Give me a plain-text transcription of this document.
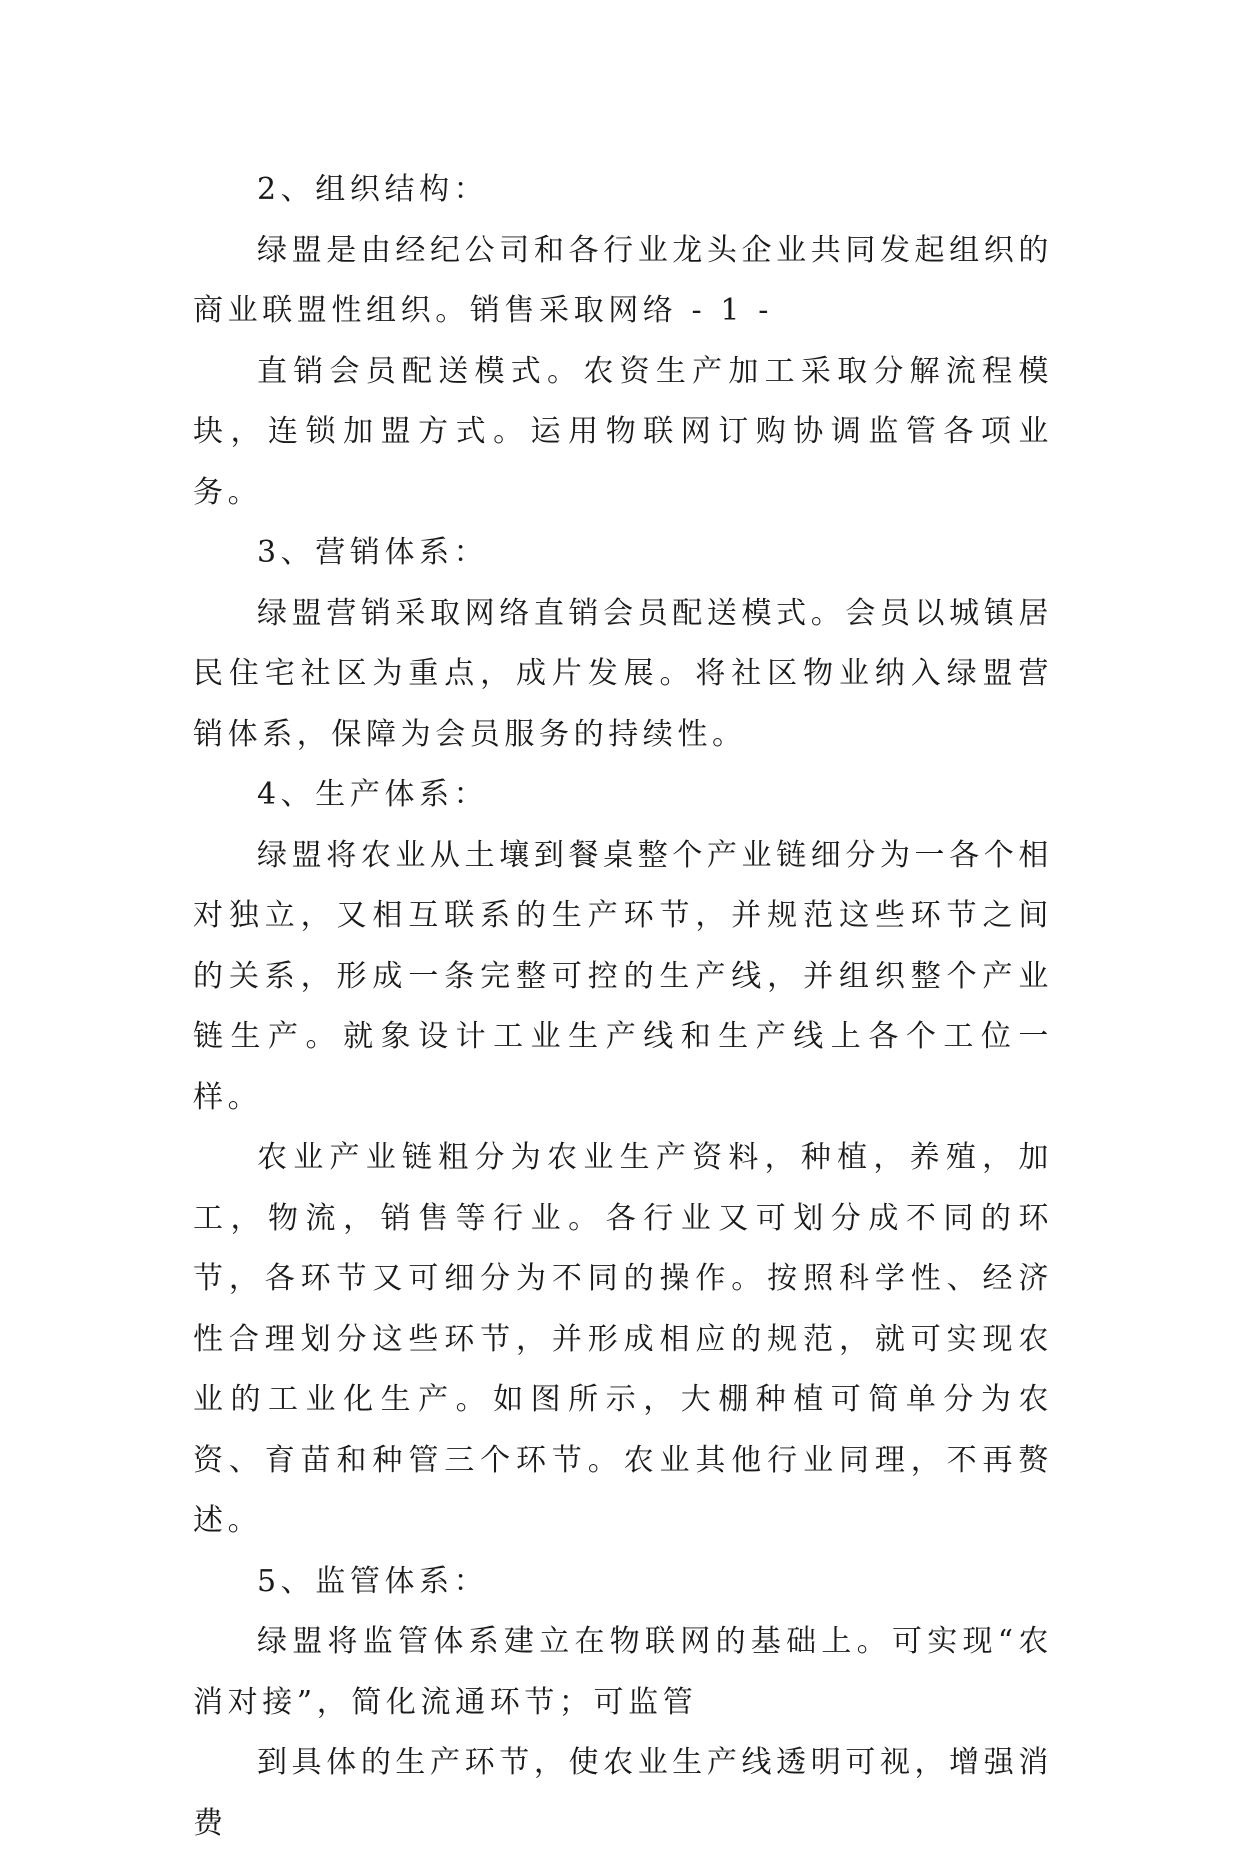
2、组织结构：

绿盟是由经纪公司和各行业龙头企业共同发起组织的商业联盟性组织。销售采取网络 - 1 -

直销会员配送模式。农资生产加工采取分解流程模块，连锁加盟方式。运用物联网订购协调监管各项业务。

3、营销体系：

绿盟营销采取网络直销会员配送模式。会员以城镇居民住宅社区为重点，成片发展。将社区物业纳入绿盟营销体系，保障为会员服务的持续性。

4、生产体系：

绿盟将农业从土壤到餐桌整个产业链细分为一各个相对独立，又相互联系的生产环节，并规范这些环节之间的关系，形成一条完整可控的生产线，并组织整个产业链生产。就象设计工业生产线和生产线上各个工位一样。

农业产业链粗分为农业生产资料，种植，养殖，加工，物流，销售等行业。各行业又可划分成不同的环节，各环节又可细分为不同的操作。按照科学性、经济性合理划分这些环节，并形成相应的规范，就可实现农业的工业化生产。如图所示，大棚种植可简单分为农资、育苗和种管三个环节。农业其他行业同理，不再赘述。

5、监管体系：

绿盟将监管体系建立在物联网的基础上。可实现“农消对接”，简化流通环节；可监管

到具体的生产环节，使农业生产线透明可视，增强消费
